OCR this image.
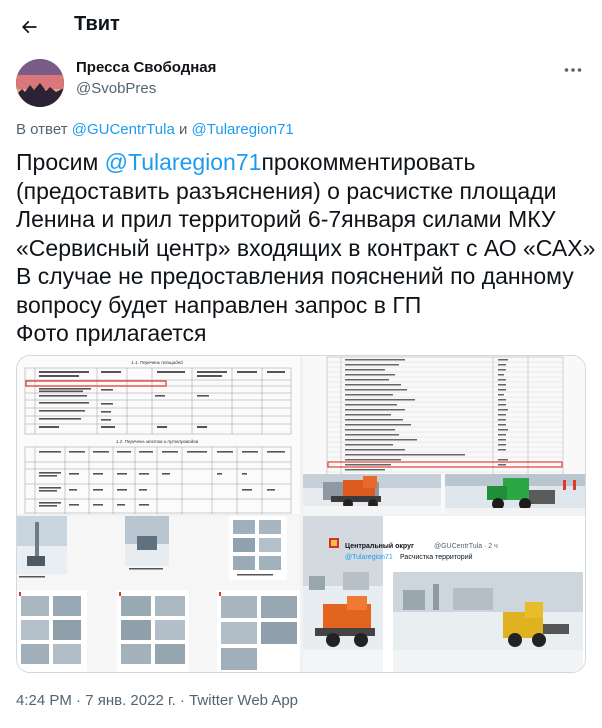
Твит
Пресса Свободная
@SvobPres
В ответ @GUCentrTula и @Tularegion71
Просим @Tularegion71прокомментировать
(предоставить разъяснения) о расчистке площади
Ленина и прил территорий 6-7января силами МКУ
«Сервисный центр» входящих в контракт с АО «САХ»
В случае не предоставления пояснений по данному
вопросу будет направлен запрос в ГП
Фото прилагается
1.1. Перечень площадей
1.2. Перечень мостов и путепроводов
Центральный округ	@GUCentrTula · 2 ч
@Tularegion71 Расчистка территорий
4:24 PM · 7 янв. 2022 г. · Twitter Web App
